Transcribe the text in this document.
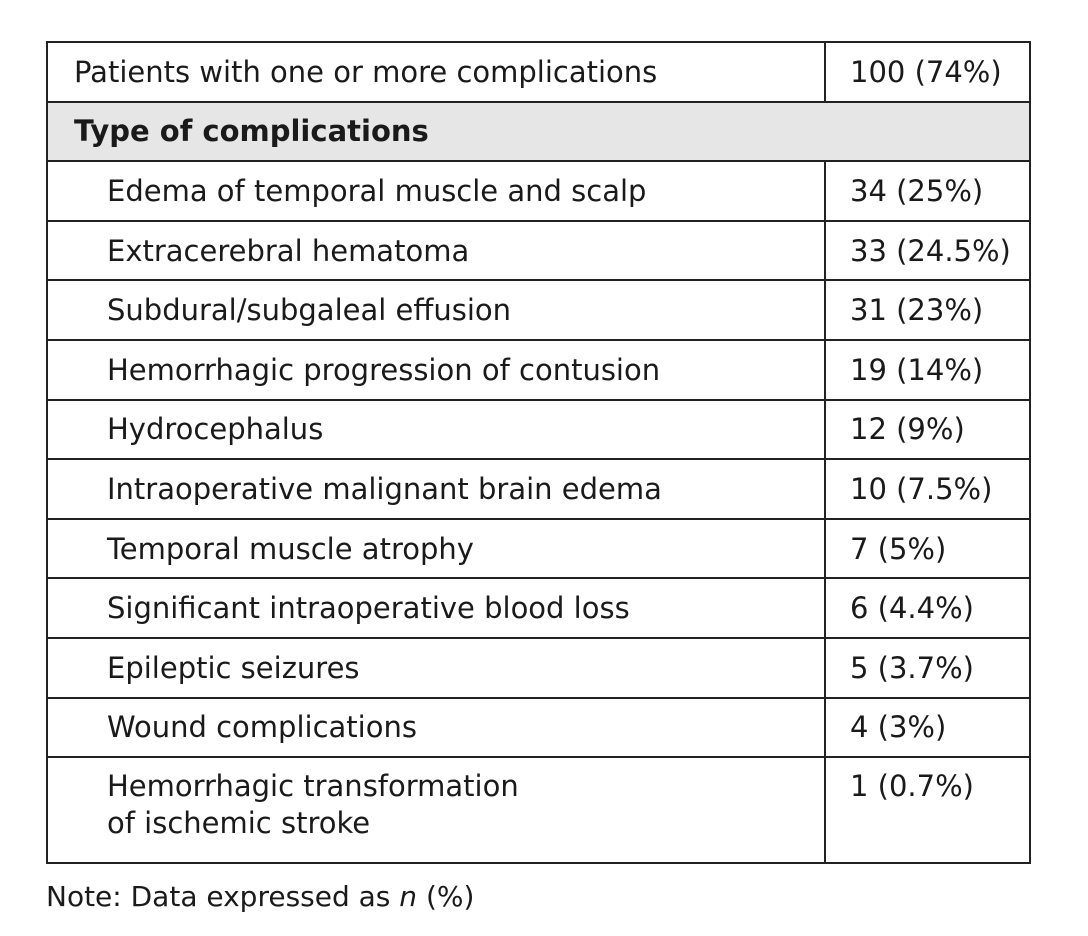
Patients with one or more complications	100 (74%)
Type of complications	
Edema of temporal muscle and scalp	34 (25%)
Extracerebral hematoma	33 (24.5%)
Subdural/subgaleal effusion	31 (23%)
Hemorrhagic progression of contusion	19 (14%)
Hydrocephalus	12 (9%)
Intraoperative malignant brain edema	10 (7.5%)
Temporal muscle atrophy	7 (5%)
Significant intraoperative blood loss	6 (4.4%)
Epileptic seizures	5 (3.7%)
Wound complications	4 (3%)

Hemorrhagic transformation
of ischemic stroke	1 (0.7%)
Note: Data expressed as n (%)
